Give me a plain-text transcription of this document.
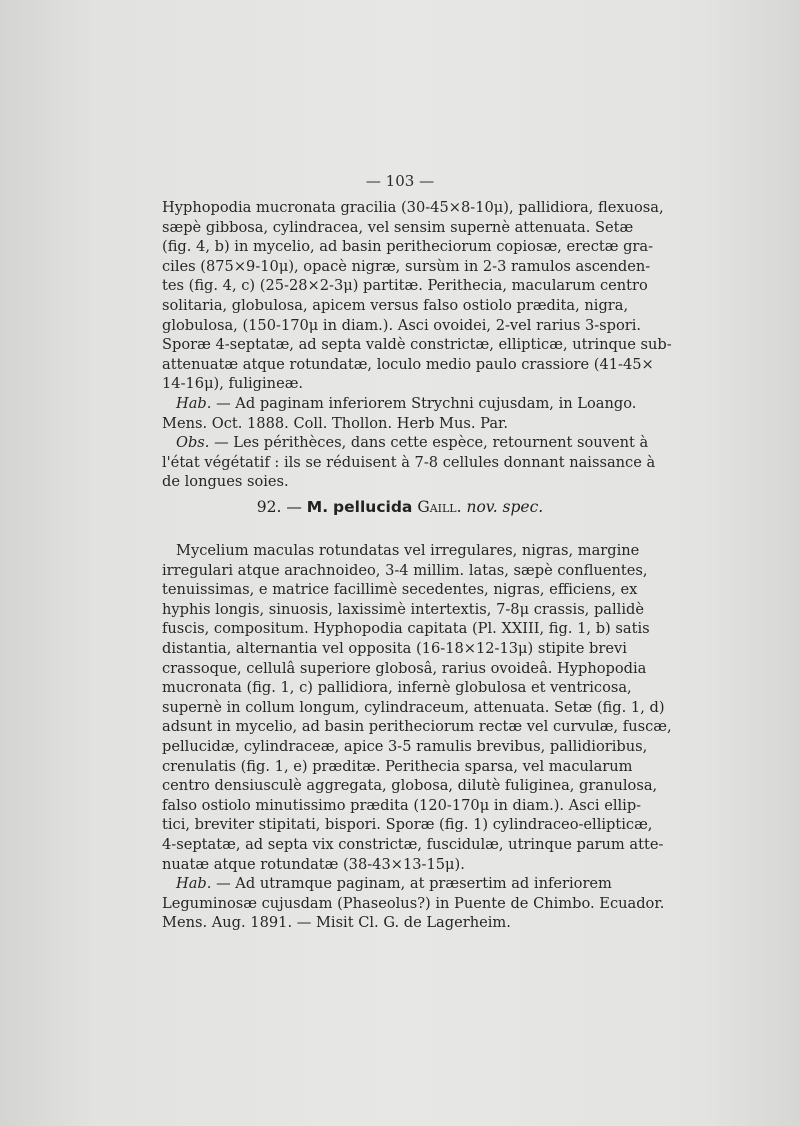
— 103 —
Hyphopodia mucronata gracilia (30-45×8-10μ), pallidiora, flexuosa,
sæpè gibbosa, cylindracea, vel sensim supernè attenuata. Setæ
(fig. 4, b) in mycelio, ad basin peritheciorum copiosæ, erectæ gra-
ciles (875×9-10μ), opacè nigræ, sursùm in 2-3 ramulos ascenden-
tes (fig. 4, c) (25-28×2-3μ) partitæ. Perithecia, macularum centro
solitaria, globulosa, apicem versus falso ostiolo prædita, nigra,
globulosa, (150-170μ in diam.). Asci ovoidei, 2-vel rarius 3-spori.
Sporæ 4-septatæ, ad septa valdè constrictæ, ellipticæ, utrinque sub-
attenuatæ atque rotundatæ, loculo medio paulo crassiore (41-45×
14-16μ), fuligineæ.
Hab. — Ad paginam inferiorem Strychni cujusdam, in Loango.
Mens. Oct. 1888. Coll. Thollon. Herb Mus. Par.
Obs. — Les périthèces, dans cette espèce, retournent souvent à
l'état végétatif : ils se réduisent à 7-8 cellules donnant naissance à
de longues soies.
92. — M. pellucida Gaill. nov. spec.
Mycelium maculas rotundatas vel irregulares, nigras, margine
irregulari atque arachnoideo, 3-4 millim. latas, sæpè confluentes,
tenuissimas, e matrice facillimè secedentes, nigras, efficiens, ex
hyphis longis, sinuosis, laxissimè intertextis, 7-8μ crassis, pallidè
fuscis, compositum. Hyphopodia capitata (Pl. XXIII, fig. 1, b) satis
distantia, alternantia vel opposita (16-18×12-13μ) stipite brevi
crassoque, cellulâ superiore globosâ, rarius ovoideâ. Hyphopodia
mucronata (fig. 1, c) pallidiora, infernè globulosa et ventricosa,
supernè in collum longum, cylindraceum, attenuata. Setæ (fig. 1, d)
adsunt in mycelio, ad basin peritheciorum rectæ vel curvulæ, fuscæ,
pellucidæ, cylindraceæ, apice 3-5 ramulis brevibus, pallidioribus,
crenulatis (fig. 1, e) præditæ. Perithecia sparsa, vel macularum
centro densiusculè aggregata, globosa, dilutè fuliginea, granulosa,
falso ostiolo minutissimo prædita (120-170μ in diam.). Asci ellip-
tici, breviter stipitati, bispori. Sporæ (fig. 1) cylindraceo-ellipticæ,
4-septatæ, ad septa vix constrictæ, fuscidulæ, utrinque parum atte-
nuatæ atque rotundatæ (38-43×13-15μ).
Hab. — Ad utramque paginam, at præsertim ad inferiorem
Leguminosæ cujusdam (Phaseolus?) in Puente de Chimbo. Ecuador.
Mens. Aug. 1891. — Misit Cl. G. de Lagerheim.
